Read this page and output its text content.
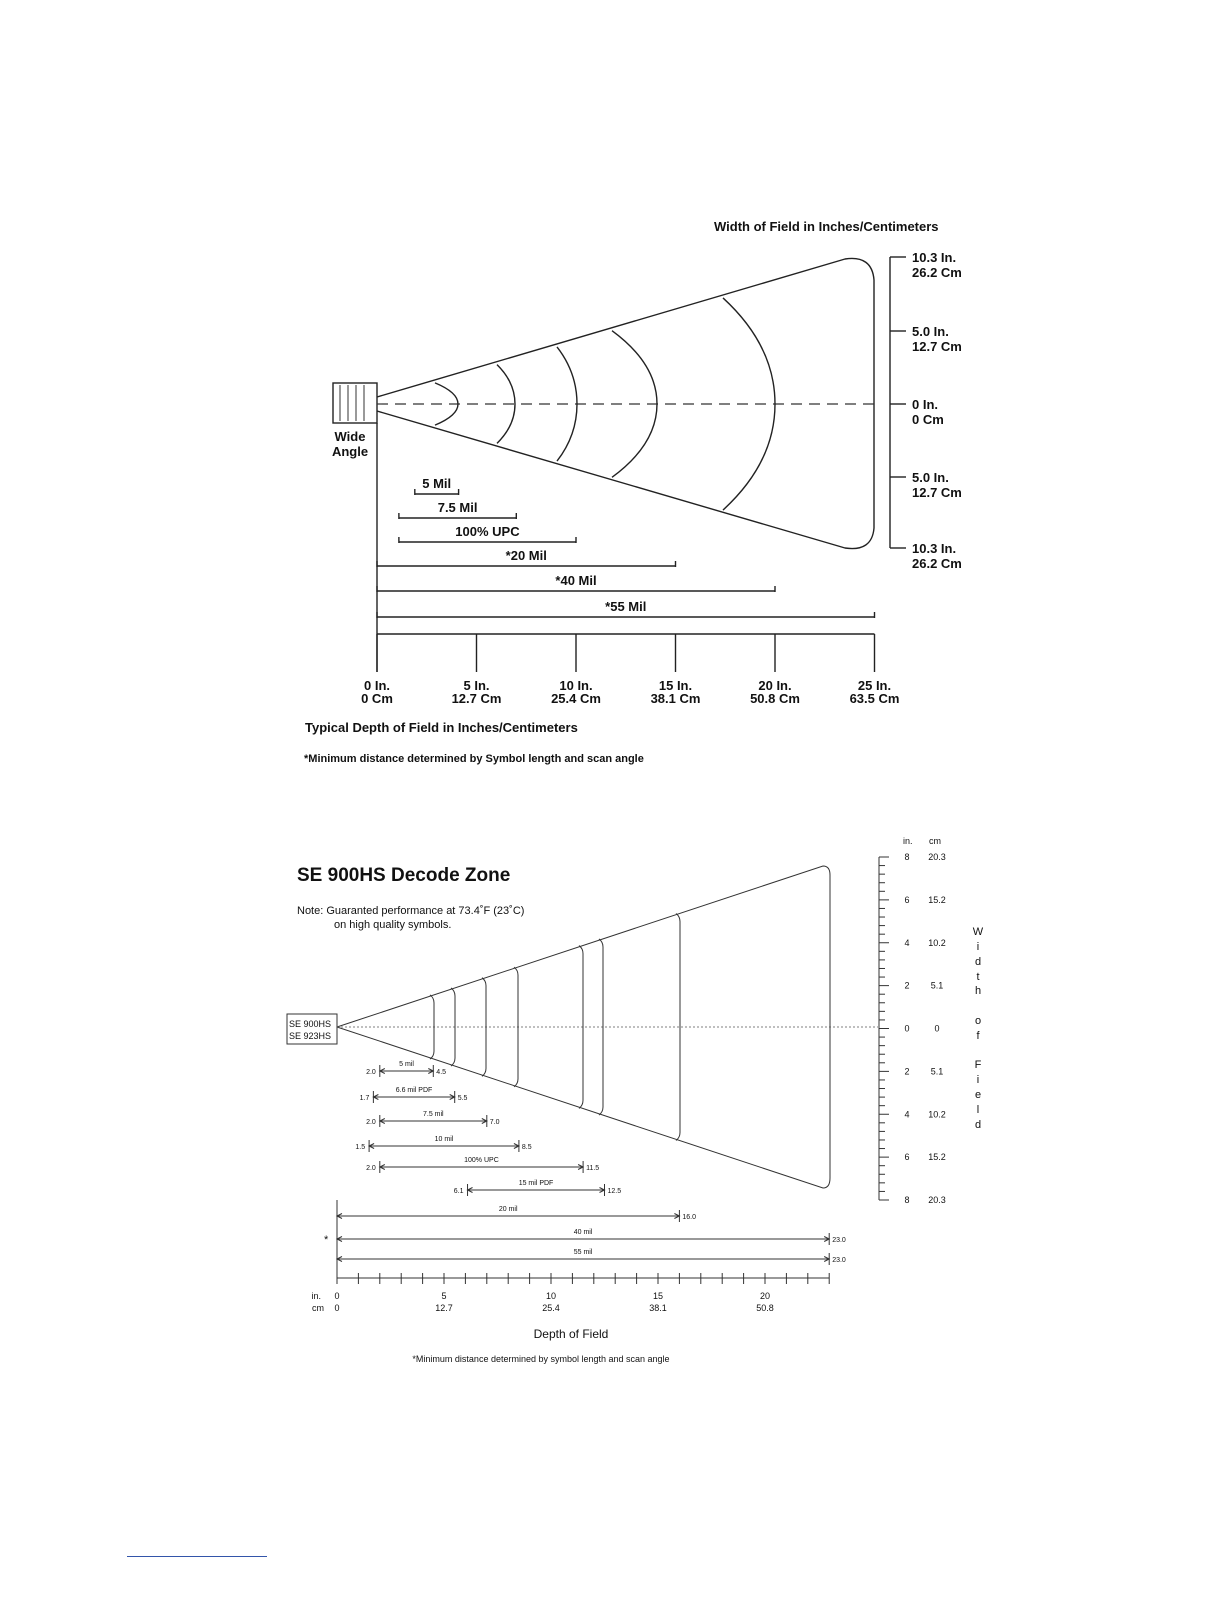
Width of Field in Inches/Centimeters
Wide
Angle
10.3 In.
26.2 Cm
5.0 In.
12.7 Cm
0 In.
0 Cm
5.0 In.
12.7 Cm
10.3 In.
26.2 Cm
5 Mil
7.5 Mil
100% UPC
*20 Mil
*40 Mil
*55 Mil
0 In.
0 Cm
5 In.
12.7 Cm
10 In.
25.4 Cm
15 In.
38.1 Cm
20 In.
50.8 Cm
25 In.
63.5 Cm
Typical Depth of Field in Inches/Centimeters
*Minimum distance determined by Symbol length and scan angle
SE 900HS Decode Zone
Note: Guaranted performance at 73.4˚F (23˚C)
on high quality symbols.
SE 900HS
SE 923HS
in. cm
8 20.3
6 15.2
4 10.2
2 5.1
0	0
2 5.1
4 10.2
6 15.2
8 20.3
W
i
d
t
h
o
f
F
i
e
l
d
5 mil
2.0	4.5
6.6 mil PDF
1.7	5.5
7.5 mil
2.0	7.0
10 mil
1.5	8.5
100% UPC
2.0	11.5
15 mil PDF
6.1	12.5
20 mil
16.0
40 mil
23.0
55 mil
23.0
*
in.
cm
0
0
5
12.7
10
25.4
15
38.1
20
50.8
Depth of Field
*Minimum distance determined by symbol length and scan angle
